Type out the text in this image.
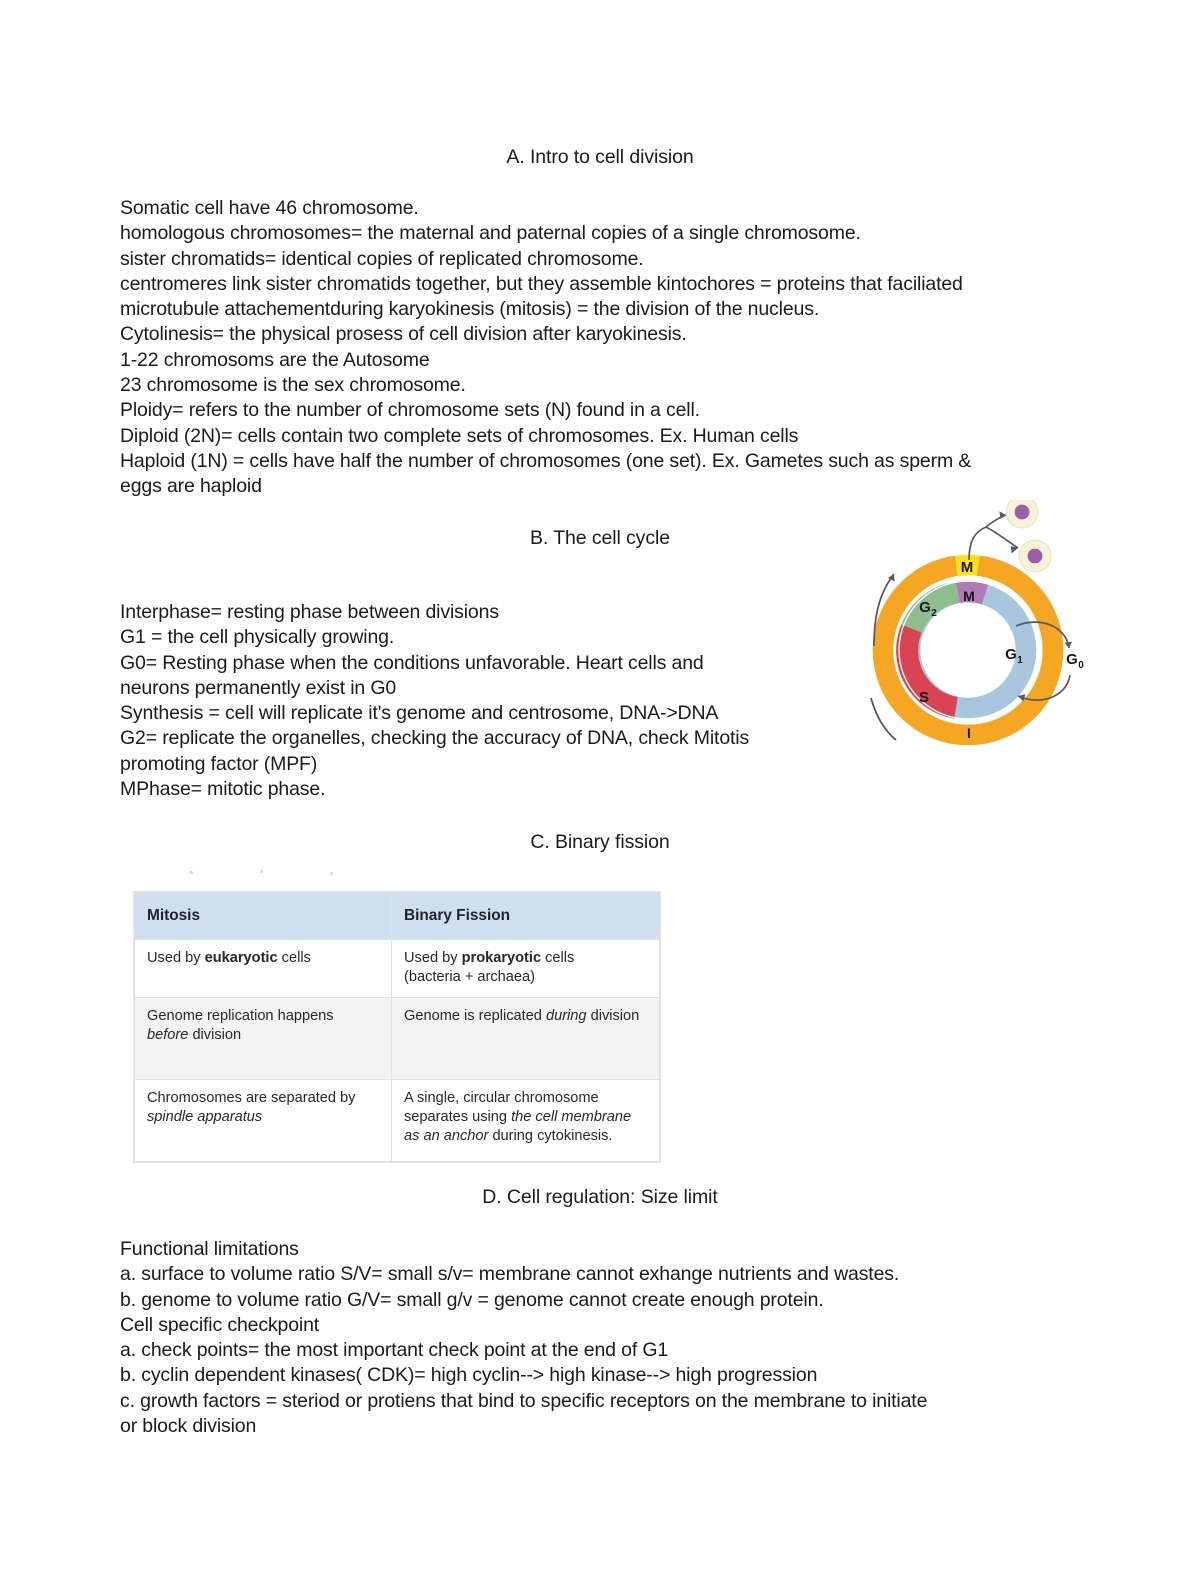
A. Intro to cell division
Somatic cell have 46 chromosome.
homologous chromosomes= the maternal and paternal copies of a single chromosome.
sister chromatids= identical copies of replicated chromosome.
centromeres link sister chromatids together, but they assemble kintochores = proteins that faciliated
microtubule attachementduring karyokinesis (mitosis) = the division of the nucleus.
Cytolinesis= the physical prosess of cell division after karyokinesis.
1-22 chromosoms are the Autosome
23 chromosome is the sex chromosome.
Ploidy= refers to the number of chromosome sets (N) found in a cell.
Diploid (2N)= cells contain two complete sets of chromosomes. Ex. Human cells
Haploid (1N) = cells have half the number of chromosomes (one set). Ex. Gametes such as sperm &
eggs are haploid
B. The cell cycle
Interphase= resting phase between divisions
G1 = the cell physically growing.
G0= Resting phase when the conditions unfavorable. Heart cells and
neurons permanently exist in G0
Synthesis = cell will replicate it's genome and centrosome, DNA->DNA
G2= replicate the organelles, checking the accuracy of DNA, check Mitotis
promoting factor (MPF)
MPhase= mitotic phase.
M
I
M
G 1
S
G 2
G 0
C. Binary fission
Mitosis	Binary Fission
Used by eukaryotic cells	Used by prokaryotic cells
(bacteria + archaea)
Genome replication happens before division	Genome is replicated during division
Chromosomes are separated by spindle apparatus	A single, circular chromosome separates using the cell membrane as an anchor during cytokinesis.
D. Cell regulation: Size limit
Functional limitations
a. surface to volume ratio S/V= small s/v= membrane cannot exhange nutrients and wastes.
b. genome to volume ratio G/V= small g/v = genome cannot create enough protein.
Cell specific checkpoint
a. check points= the most important check point at the end of G1
b. cyclin dependent kinases( CDK)= high cyclin--> high kinase--> high progression
c. growth factors = steriod or protiens that bind to specific receptors on the membrane to initiate
or block division
